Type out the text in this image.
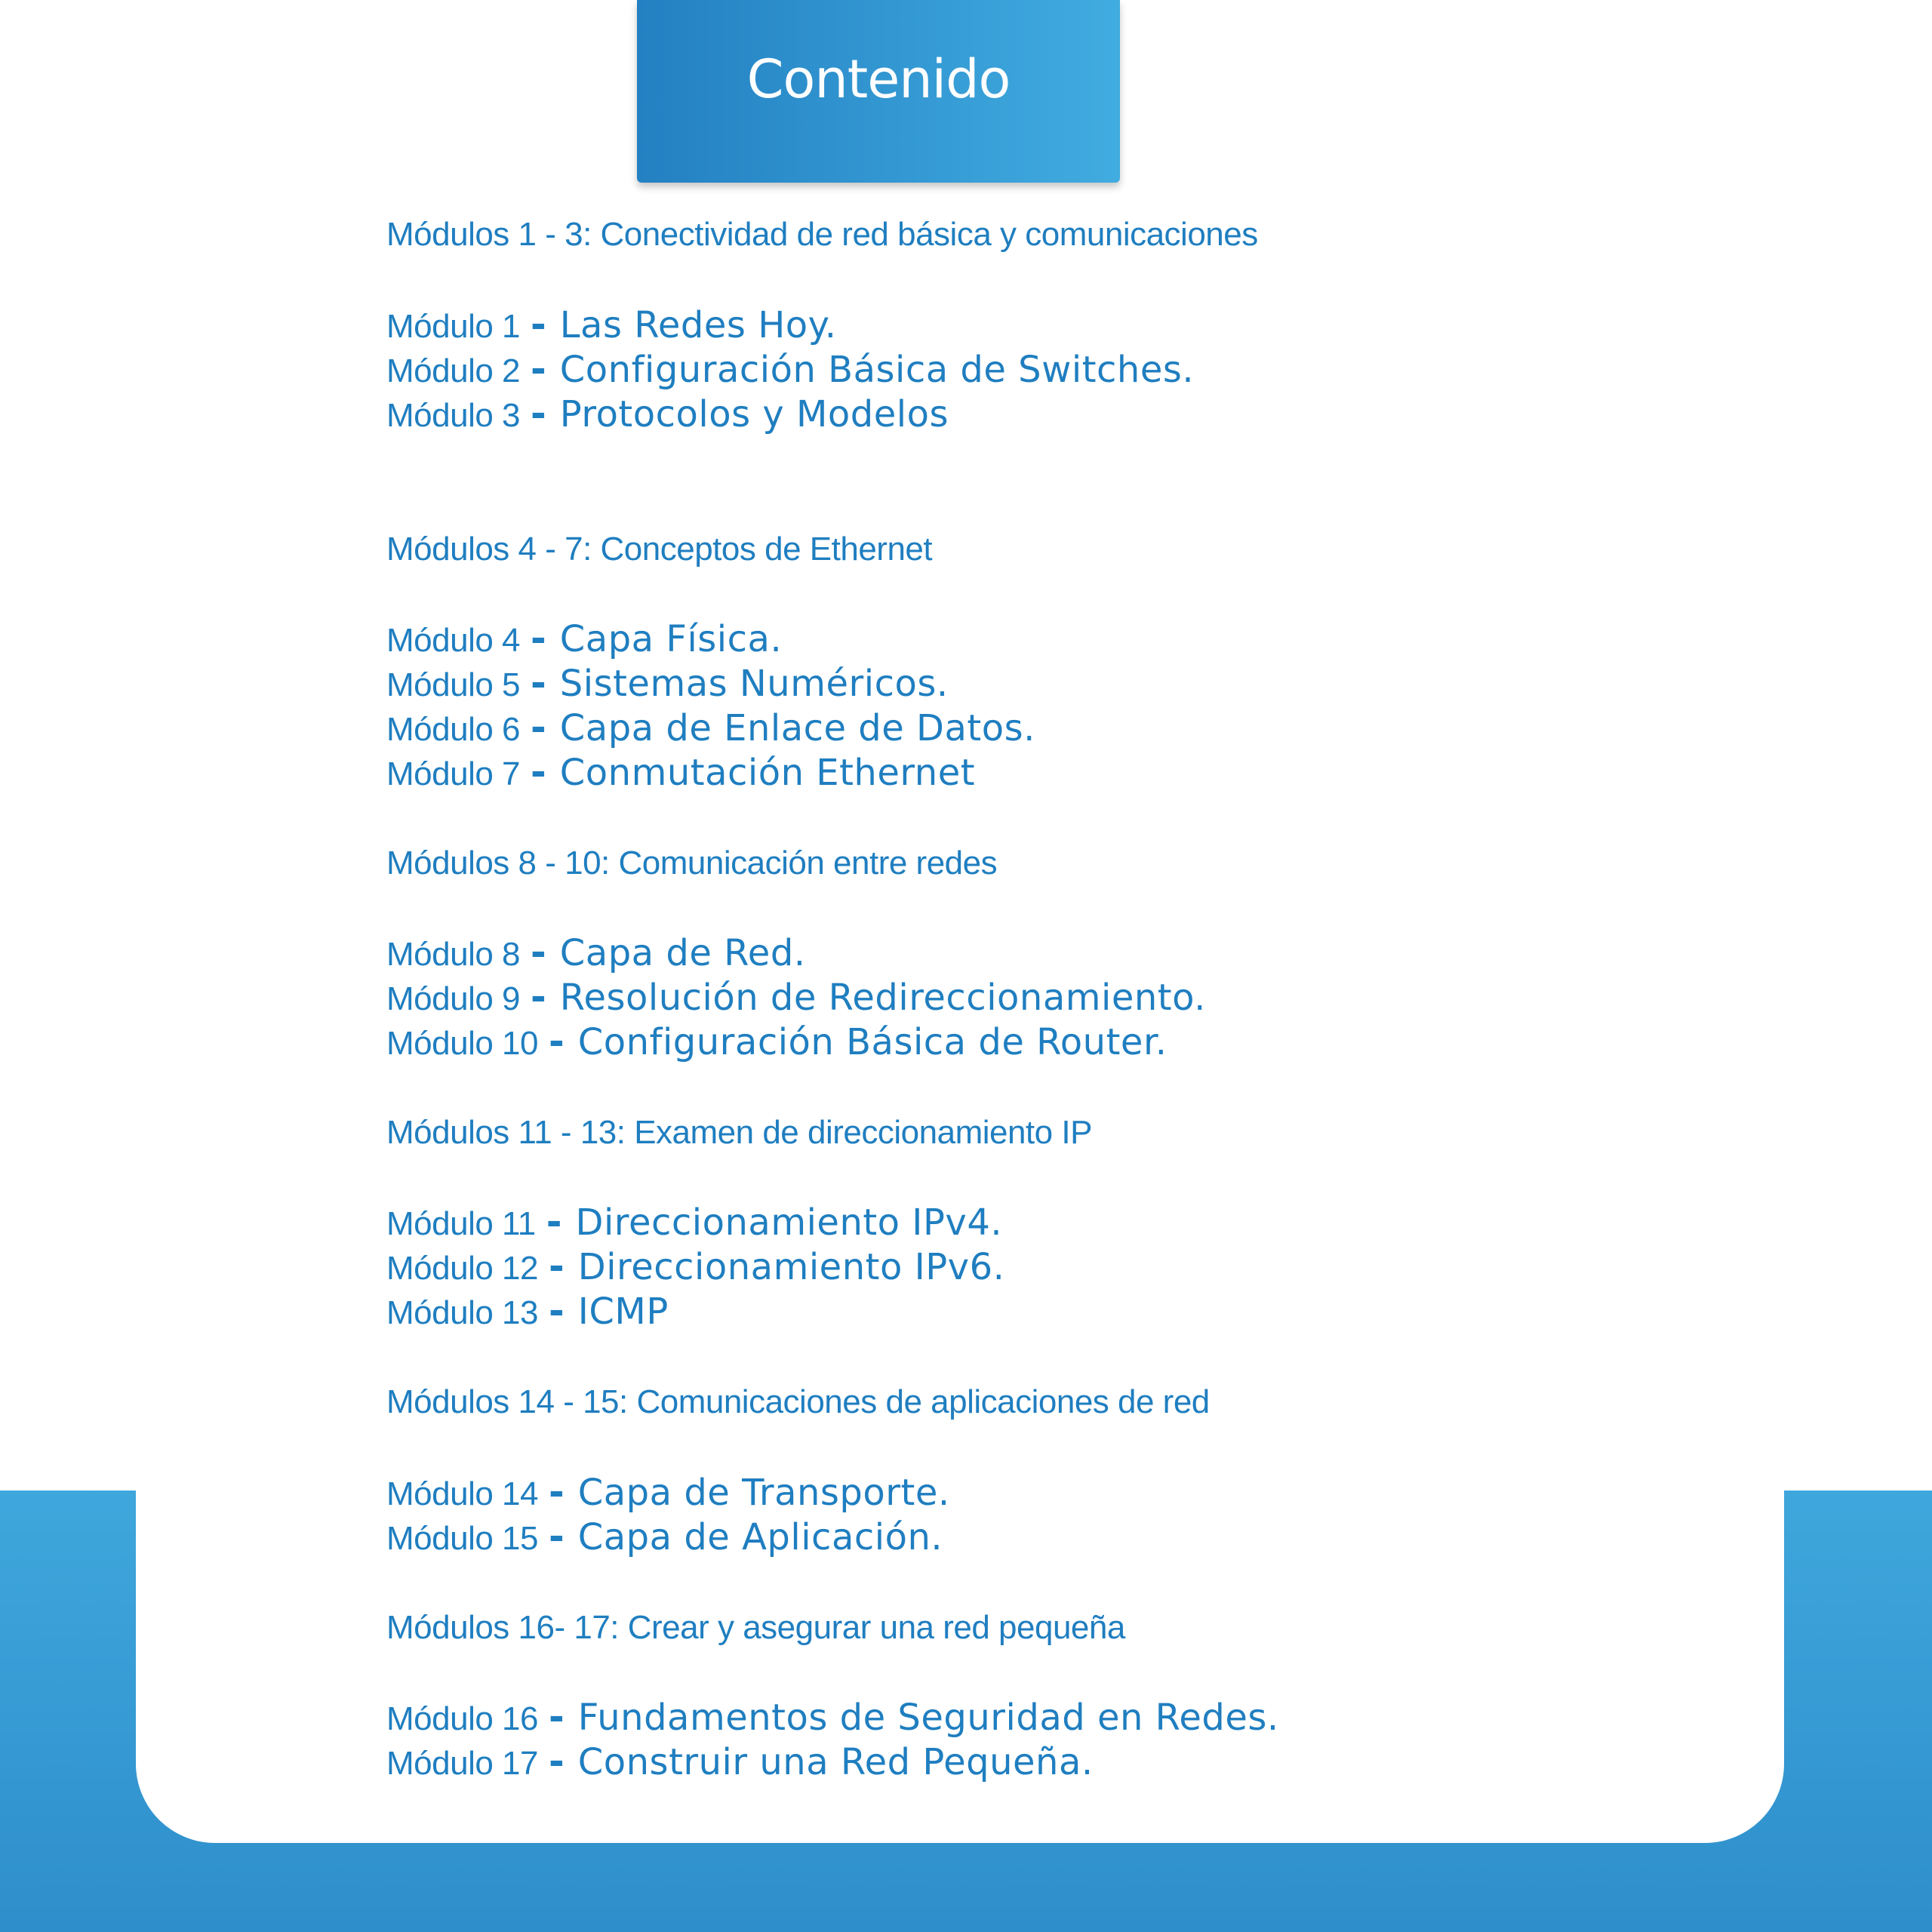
Contenido
Módulos 1 - 3: Conectividad de red básica y comunicaciones
Módulo 1 - Las Redes Hoy.
Módulo 2 - Configuración Básica de Switches.
Módulo 3 - Protocolos y Modelos
Módulos 4 - 7: Conceptos de Ethernet
Módulo 4 - Capa Física.
Módulo 5 - Sistemas Numéricos.
Módulo 6 - Capa de Enlace de Datos.
Módulo 7 - Conmutación Ethernet
Módulos 8 - 10: Comunicación entre redes
Módulo 8 - Capa de Red.
Módulo 9 - Resolución de Redireccionamiento.
Módulo 10 - Configuración Básica de Router.
Módulos 11 - 13: Examen de direccionamiento IP
Módulo 11 - Direccionamiento IPv4.
Módulo 12 - Direccionamiento IPv6.
Módulo 13 - ICMP
Módulos 14 - 15: Comunicaciones de aplicaciones de red
Módulo 14 - Capa de Transporte.
Módulo 15 - Capa de Aplicación.
Módulos 16- 17: Crear y asegurar una red pequeña
Módulo 16 - Fundamentos de Seguridad en Redes.
Módulo 17 - Construir una Red Pequeña.
